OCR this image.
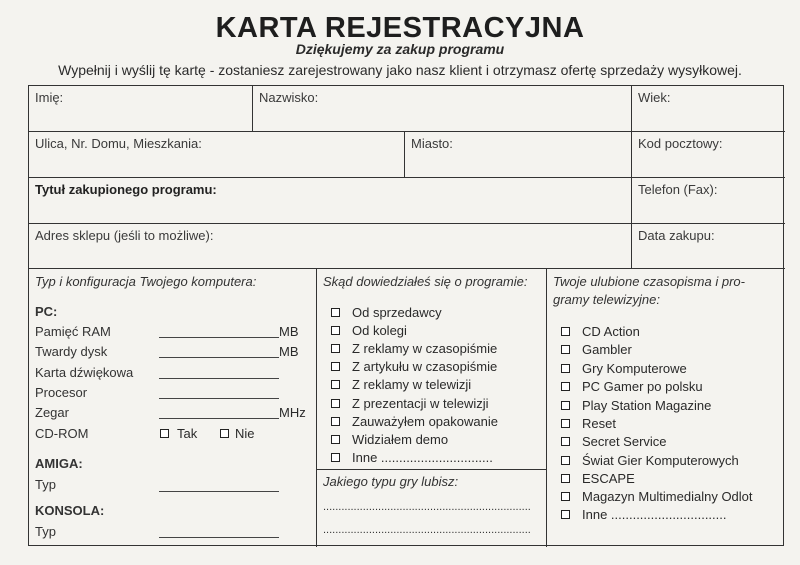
KARTA REJESTRACYJNA
Dziękujemy za zakup programu
Wypełnij i wyślij tę kartę - zostaniesz zarejestrowany jako nasz klient i otrzymasz ofertę sprzedaży wysyłkowej.
Imię:	Nazwisko:	Wiek:
Ulica, Nr. Domu, Mieszkania:	Miasto:	Kod pocztowy:
Tytuł zakupionego programu:	Telefon (Fax):
Adres sklepu (jeśli to możliwe):	Data zakupu:
Typ i konfiguracja Twojego komputera:
PC:
Pamięć RAM	MB
Twardy dysk	MB
Karta dźwiękowa
Procesor
Zegar	MHz
CD-ROM	Tak	Nie
AMIGA:
Typ
KONSOLA:
Typ
Skąd dowiedziałeś się o programie:
Od sprzedawcy
Od kolegi
Z reklamy w czasopiśmie
Z artykułu w czasopiśmie
Z reklamy w telewizji
Z prezentacji w telewizji
Zauważyłem opakowanie
Widziałem demo
Inne ...............................
Jakiego typu gry lubisz:
....................................................................
....................................................................
Twoje ulubione czasopisma i pro-
gramy telewizyjne:
CD Action
Gambler
Gry Komputerowe
PC Gamer po polsku
Play Station Magazine
Reset
Secret Service
Świat Gier Komputerowych
ESCAPE
Magazyn Multimedialny Odlot
Inne ................................
